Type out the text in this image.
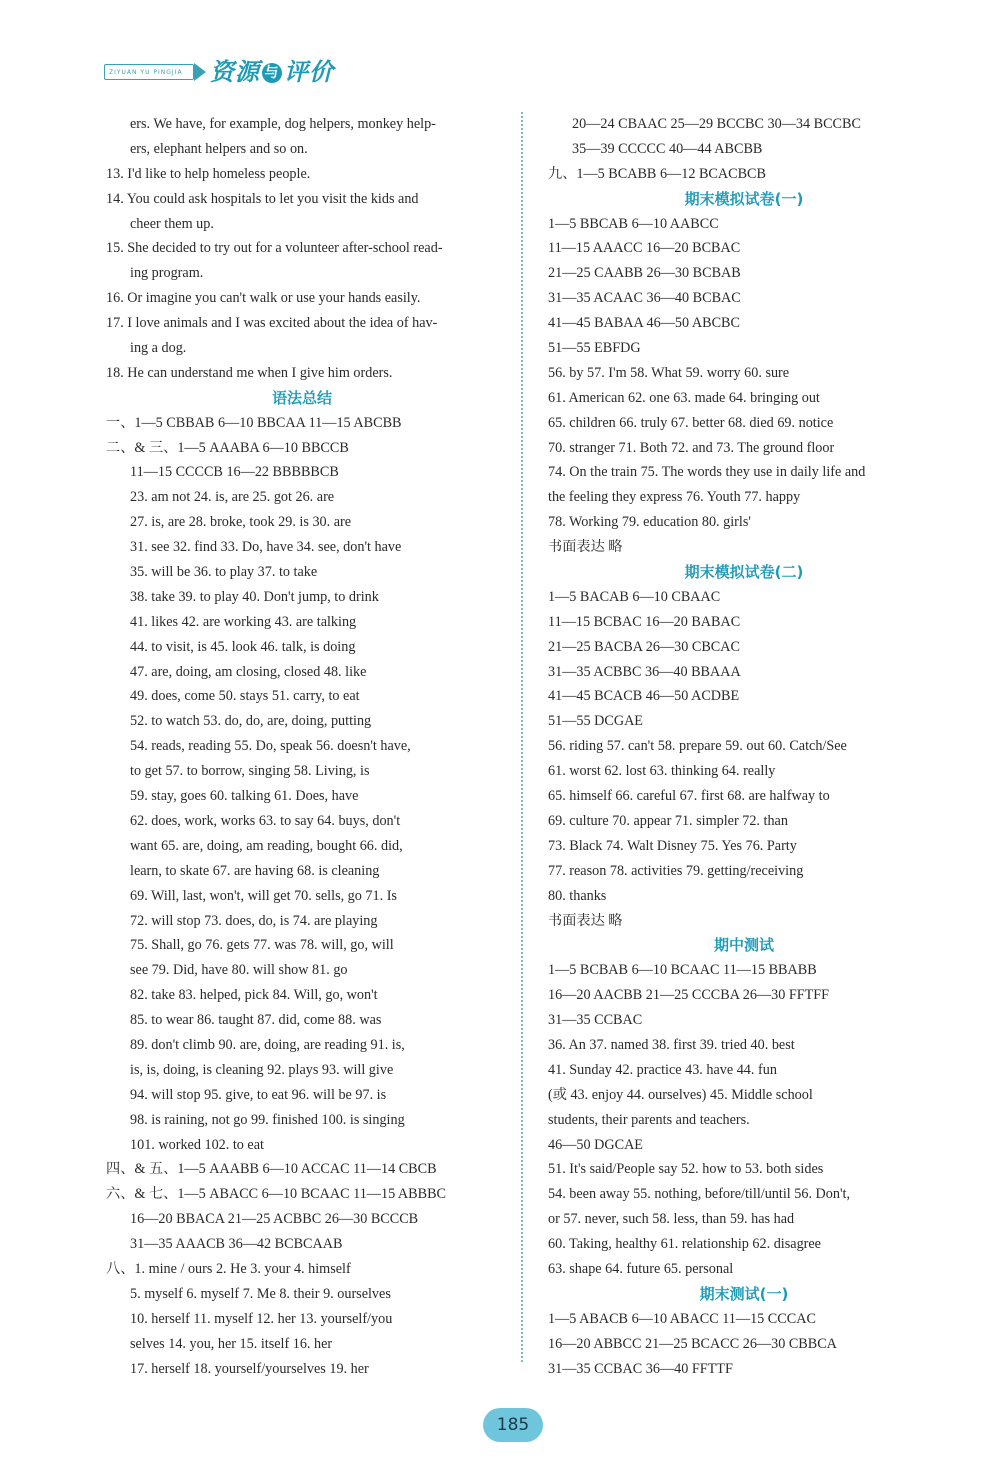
ZIYUAN YU PINGJIA	资源 与 评价
ers. We have, for example, dog helpers, monkey help-
ers, elephant helpers and so on.
13. I'd like to help homeless people.
14. You could ask hospitals to let you visit the kids and
cheer them up.
15. She decided to try out for a volunteer after-school read-
ing program.
16. Or imagine you can't walk or use your hands easily.
17. I love animals and I was excited about the idea of hav-
ing a dog.
18. He can understand me when I give him orders.
语法总结
一、1—5 CBBAB 6—10 BBCAA 11—15 ABCBB
二、& 三、1—5 AAABA 6—10 BBCCB
11—15 CCCCB 16—22 BBBBBCB
23. am not 24. is, are 25. got 26. are
27. is, are 28. broke, took 29. is 30. are
31. see 32. find 33. Do, have 34. see, don't have
35. will be 36. to play 37. to take
38. take 39. to play 40. Don't jump, to drink
41. likes 42. are working 43. are talking
44. to visit, is 45. look 46. talk, is doing
47. are, doing, am closing, closed 48. like
49. does, come 50. stays 51. carry, to eat
52. to watch 53. do, do, are, doing, putting
54. reads, reading 55. Do, speak 56. doesn't have,
to get 57. to borrow, singing 58. Living, is
59. stay, goes 60. talking 61. Does, have
62. does, work, works 63. to say 64. buys, don't
want 65. are, doing, am reading, bought 66. did,
learn, to skate 67. are having 68. is cleaning
69. Will, last, won't, will get 70. sells, go 71. Is
72. will stop 73. does, do, is 74. are playing
75. Shall, go 76. gets 77. was 78. will, go, will
see 79. Did, have 80. will show 81. go
82. take 83. helped, pick 84. Will, go, won't
85. to wear 86. taught 87. did, come 88. was
89. don't climb 90. are, doing, are reading 91. is,
is, is, doing, is cleaning 92. plays 93. will give
94. will stop 95. give, to eat 96. will be 97. is
98. is raining, not go 99. finished 100. is singing
101. worked 102. to eat
四、& 五、1—5 AAABB 6—10 ACCAC 11—14 CBCB
六、& 七、1—5 ABACC 6—10 BCAAC 11—15 ABBBC
16—20 BBACA 21—25 ACBBC 26—30 BCCCB
31—35 AAACB 36—42 BCBCAAB
八、1. mine / ours 2. He 3. your 4. himself
5. myself 6. myself 7. Me 8. their 9. ourselves
10. herself 11. myself 12. her 13. yourself/you
selves 14. you, her 15. itself 16. her
17. herself 18. yourself/yourselves 19. her
20—24 CBAAC 25—29 BCCBC 30—34 BCCBC
35—39 CCCCC 40—44 ABCBB
九、1—5 BCABB 6—12 BCACBCB
期末模拟试卷(一)
1—5 BBCAB 6—10 AABCC
11—15 AAACC 16—20 BCBAC
21—25 CAABB 26—30 BCBAB
31—35 ACAAC 36—40 BCBAC
41—45 BABAA 46—50 ABCBC
51—55 EBFDG
56. by 57. I'm 58. What 59. worry 60. sure
61. American 62. one 63. made 64. bringing out
65. children 66. truly 67. better 68. died 69. notice
70. stranger 71. Both 72. and 73. The ground floor
74. On the train 75. The words they use in daily life and
the feeling they express 76. Youth 77. happy
78. Working 79. education 80. girls'
书面表达 略
期末模拟试卷(二)
1—5 BACAB 6—10 CBAAC
11—15 BCBAC 16—20 BABAC
21—25 BACBA 26—30 CBCAC
31—35 ACBBC 36—40 BBAAA
41—45 BCACB 46—50 ACDBE
51—55 DCGAE
56. riding 57. can't 58. prepare 59. out 60. Catch/See
61. worst 62. lost 63. thinking 64. really
65. himself 66. careful 67. first 68. are halfway to
69. culture 70. appear 71. simpler 72. than
73. Black 74. Walt Disney 75. Yes 76. Party
77. reason 78. activities 79. getting/receiving
80. thanks
书面表达 略
期中测试
1—5 BCBAB 6—10 BCAAC 11—15 BBABB
16—20 AACBB 21—25 CCCBA 26—30 FFTFF
31—35 CCBAC
36. An 37. named 38. first 39. tried 40. best
41. Sunday 42. practice 43. have 44. fun
(或 43. enjoy 44. ourselves) 45. Middle school
students, their parents and teachers.
46—50 DGCAE
51. It's said/People say 52. how to 53. both sides
54. been away 55. nothing, before/till/until 56. Don't,
or 57. never, such 58. less, than 59. has had
60. Taking, healthy 61. relationship 62. disagree
63. shape 64. future 65. personal
期末测试(一)
1—5 ABACB 6—10 ABACC 11—15 CCCAC
16—20 ABBCC 21—25 BCACC 26—30 CBBCA
31—35 CCBAC 36—40 FFTTF
185
